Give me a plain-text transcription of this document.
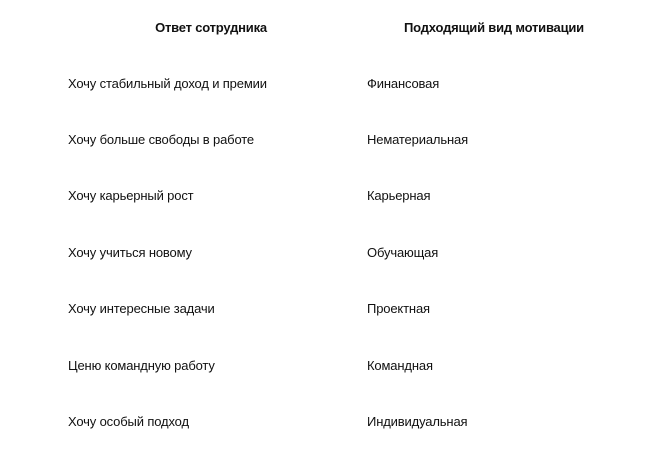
Ответ сотрудника	Подходящий вид мотивации
Хочу стабильный доход и премии	Финансовая
Хочу больше свободы в работе	Нематериальная
Хочу карьерный рост	Карьерная
Хочу учиться новому	Обучающая
Хочу интересные задачи	Проектная
Ценю командную работу	Командная
Хочу особый подход	Индивидуальная
